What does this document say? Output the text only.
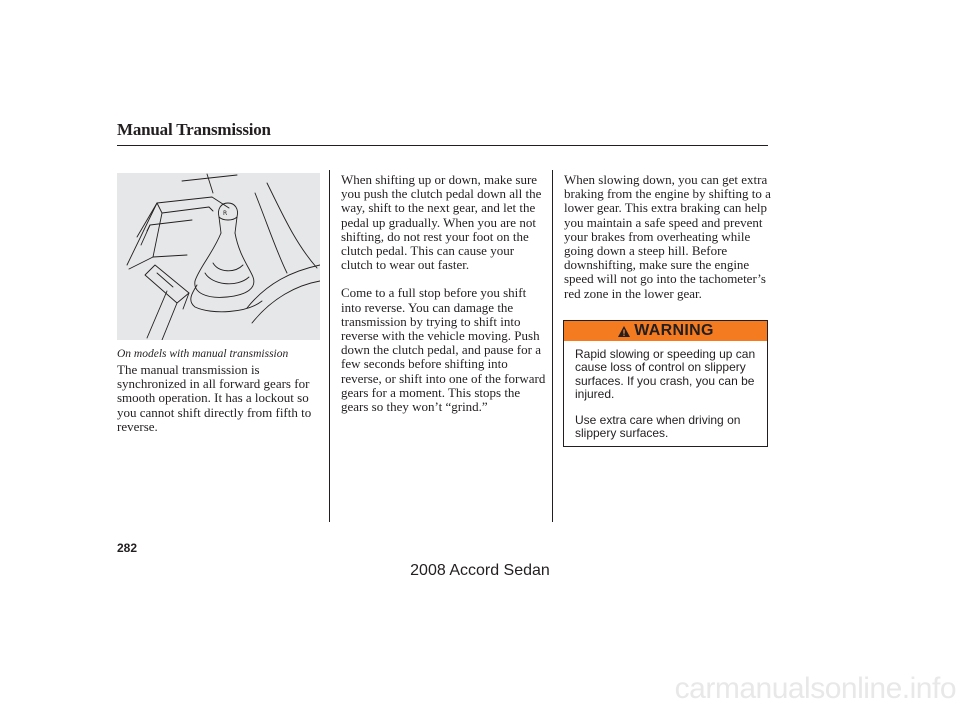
Manual Transmission
R
On models with manual transmission

The manual transmission is synchronized in all forward gears for smooth operation. It has a lockout so you cannot shift directly from fifth to reverse.

When shifting up or down, make sure you push the clutch pedal down all the way, shift to the next gear, and let the pedal up gradually. When you are not shifting, do not rest your foot on the clutch pedal. This can cause your clutch to wear out faster.

Come to a full stop before you shift into reverse. You can damage the transmission by trying to shift into reverse with the vehicle moving. Push down the clutch pedal, and pause for a few seconds before shifting into reverse, or shift into one of the forward gears for a moment. This stops the gears so they won’t “grind.”

When slowing down, you can get extra braking from the engine by shifting to a lower gear. This extra braking can help you maintain a safe speed and prevent your brakes from overheating while going down a steep hill. Before downshifting, make sure the engine speed will not go into the tachometer’s red zone in the lower gear.

WARNING

Rapid slowing or speeding up can cause loss of control on slippery surfaces. If you crash, you can be injured.

Use extra care when driving on slippery surfaces.

282
2008 Accord Sedan
carmanualsonline.info
